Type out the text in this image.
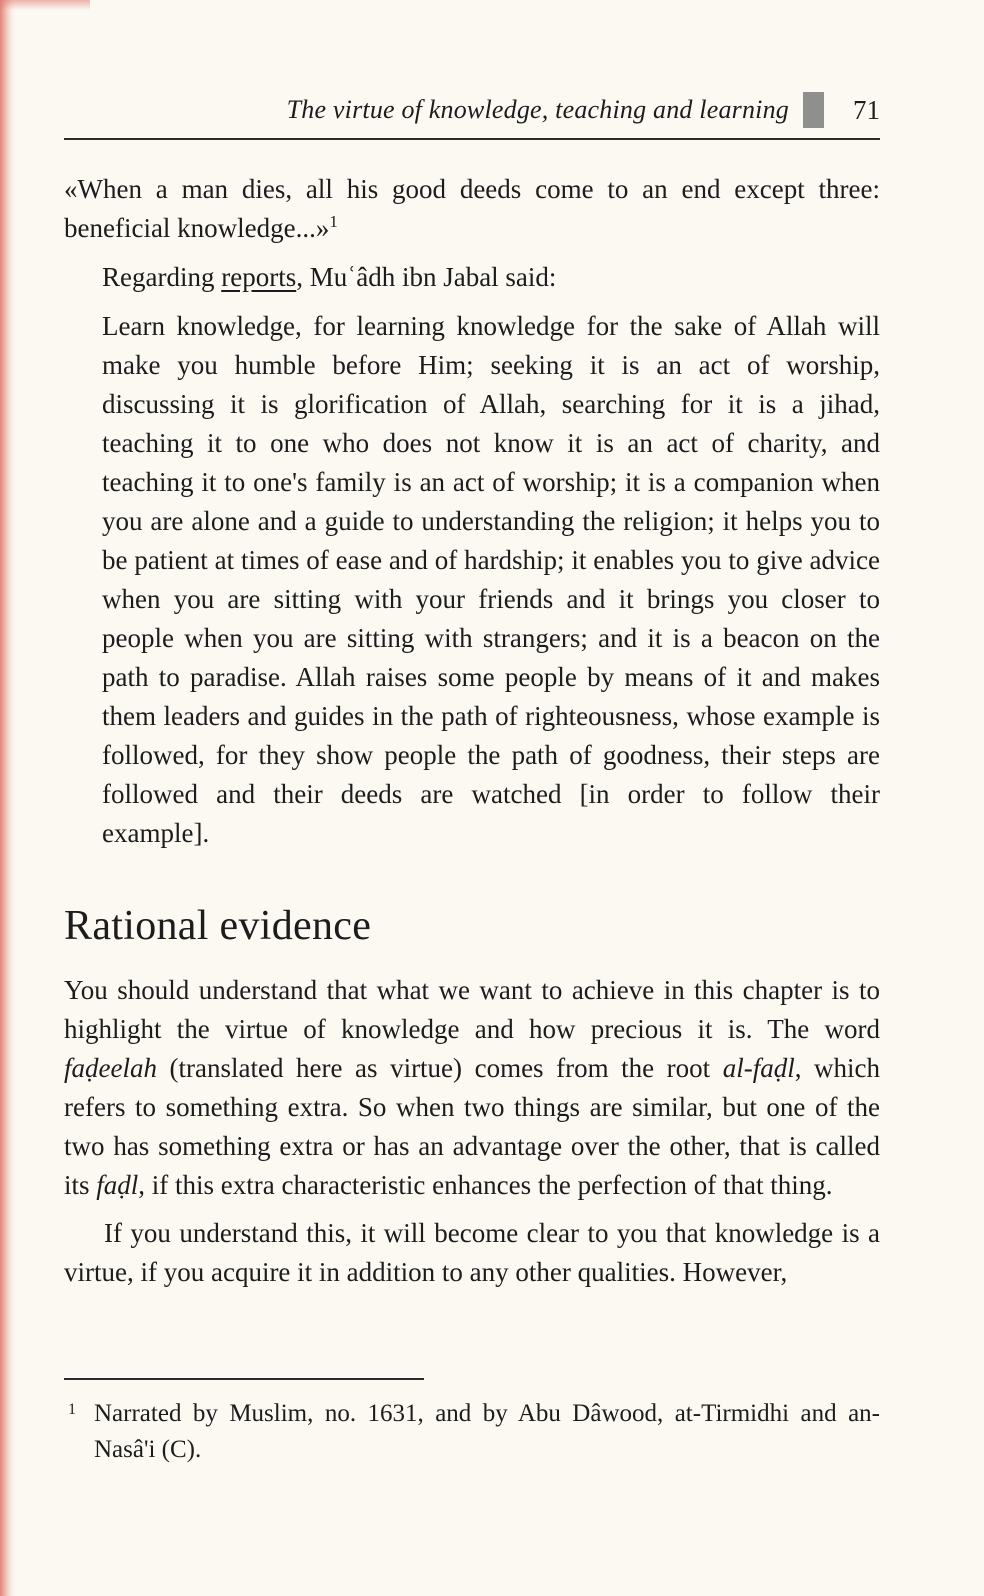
The virtue of knowledge, teaching and learning	71

«When a man dies, all his good deeds come to an end except three: beneficial knowledge...»$^1$

Regarding reports, Muʿâdh ibn Jabal said:

Learn knowledge, for learning knowledge for the sake of Allah will make you humble before Him; seeking it is an act of worship, discussing it is glorification of Allah, searching for it is a jihad, teaching it to one who does not know it is an act of charity, and teaching it to one's family is an act of worship; it is a companion when you are alone and a guide to understanding the religion; it helps you to be patient at times of ease and of hardship; it enables you to give advice when you are sitting with your friends and it brings you closer to people when you are sitting with strangers; and it is a beacon on the path to paradise. Allah raises some people by means of it and makes them leaders and guides in the path of righteousness, whose example is followed, for they show people the path of goodness, their steps are followed and their deeds are watched [in order to follow their example].

Rational evidence

You should understand that what we want to achieve in this chapter is to highlight the virtue of knowledge and how precious it is. The word faḍeelah (translated here as virtue) comes from the root al-faḍl, which refers to something extra. So when two things are similar, but one of the two has something extra or has an advantage over the other, that is called its faḍl, if this extra characteristic enhances the perfection of that thing.

If you understand this, it will become clear to you that knowledge is a virtue, if you acquire it in addition to any other qualities. However,

1 Narrated by Muslim, no. 1631, and by Abu Dâwood, at-Tirmidhi and an-Nasâ'i (C).
